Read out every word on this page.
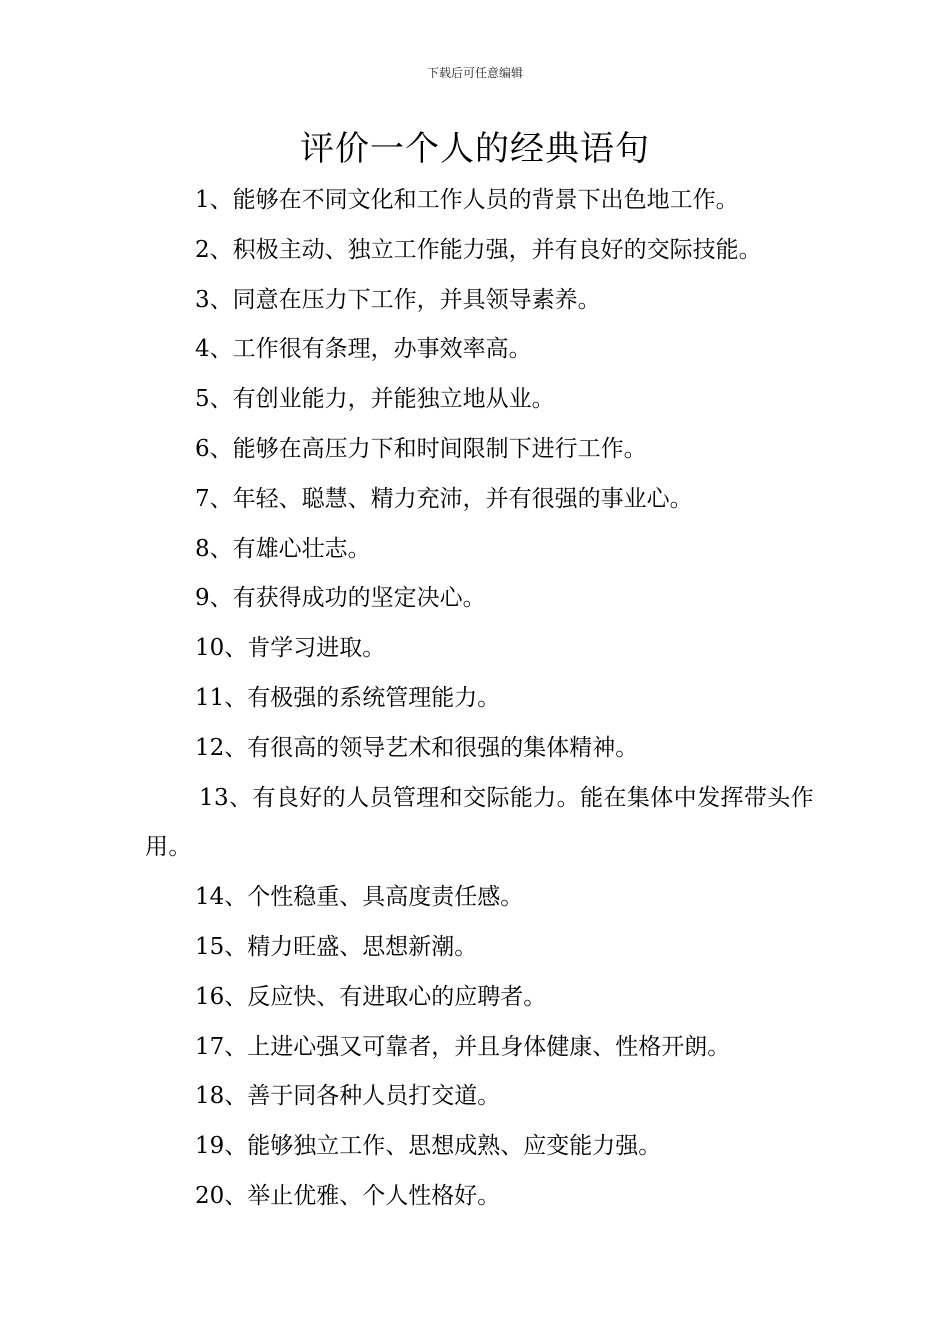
下载后可任意编辑
评价一个人的经典语句
1、能够在不同文化和工作人员的背景下出色地工作。
2、积极主动、独立工作能力强，并有良好的交际技能。
3、同意在压力下工作，并具领导素养。
4、工作很有条理，办事效率高。
5、有创业能力，并能独立地从业。
6、能够在高压力下和时间限制下进行工作。
7、年轻、聪慧、精力充沛，并有很强的事业心。
8、有雄心壮志。
9、有获得成功的坚定决心。
10、肯学习进取。
11、有极强的系统管理能力。
12、有很高的领导艺术和很强的集体精神。
13、有良好的人员管理和交际能力。能在集体中发挥带头作用。
14、个性稳重、具高度责任感。
15、精力旺盛、思想新潮。
16、反应快、有进取心的应聘者。
17、上进心强又可靠者，并且身体健康、性格开朗。
18、善于同各种人员打交道。
19、能够独立工作、思想成熟、应变能力强。
20、举止优雅、个人性格好。
